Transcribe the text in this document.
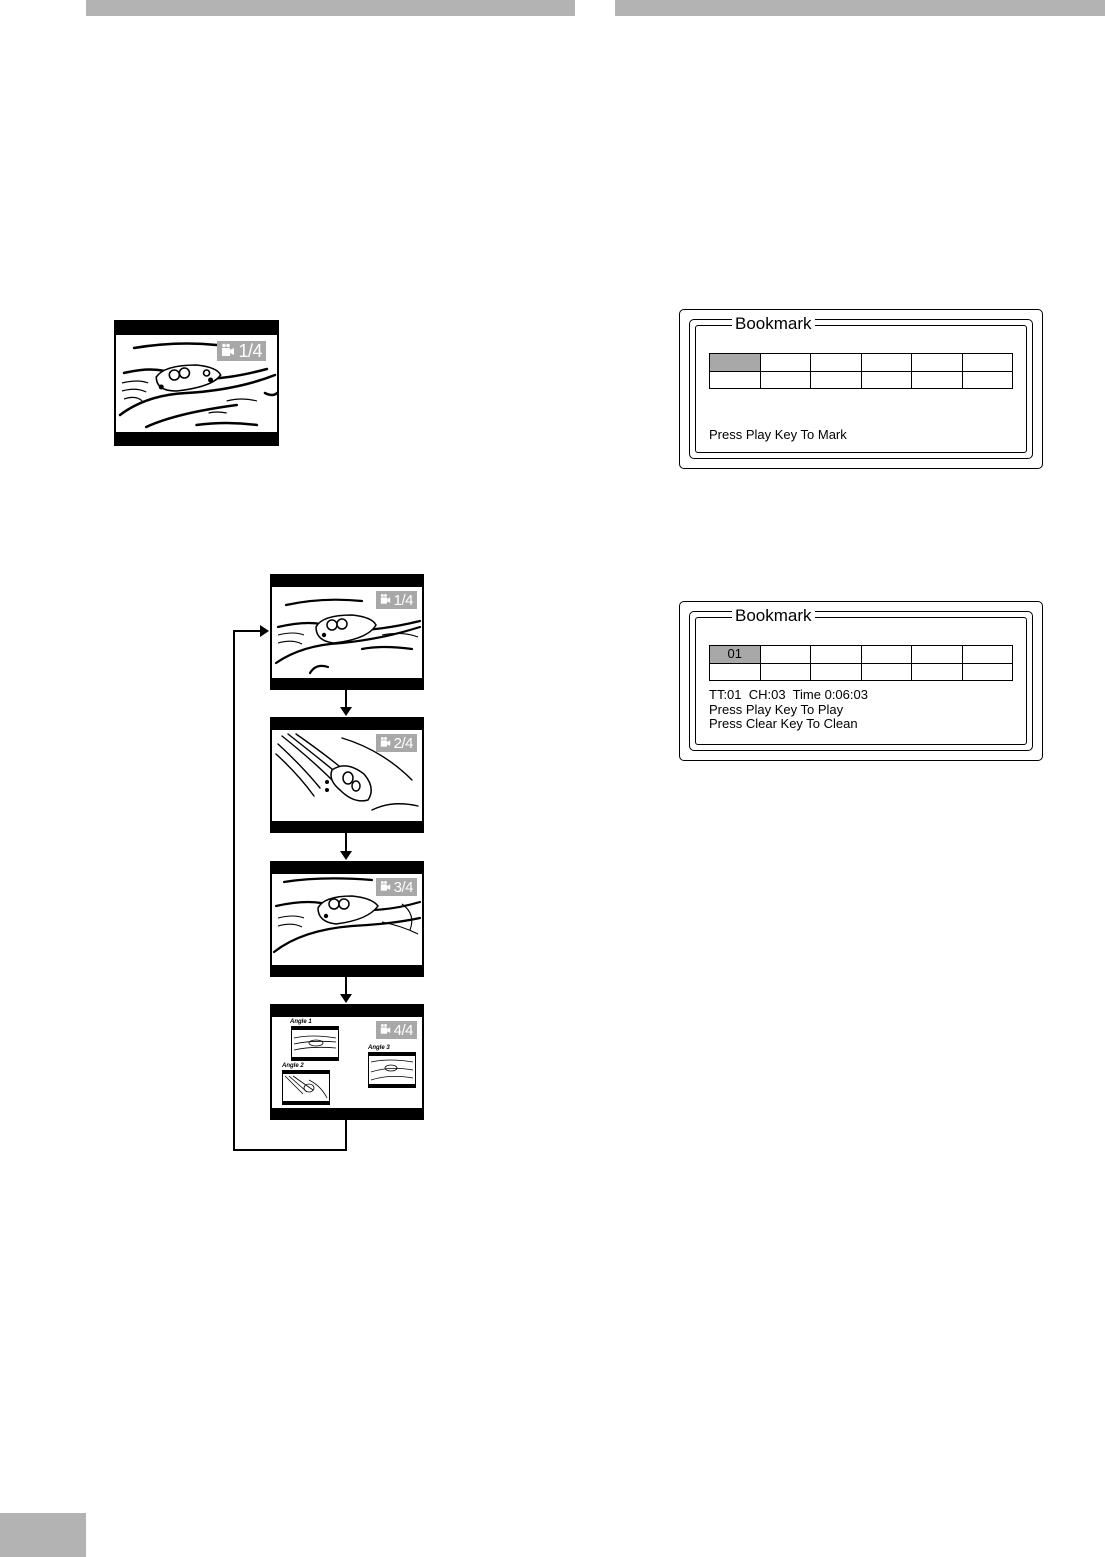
1/4
1/4
2/4
3/4
Angle 1
Angle 2
Angle 3
4/4
Bookmark

Press Play Key To Mark
Bookmark
01					

TT:01  CH:03  Time 0:06:03
Press Play Key To Play
Press Clear Key To Clean
